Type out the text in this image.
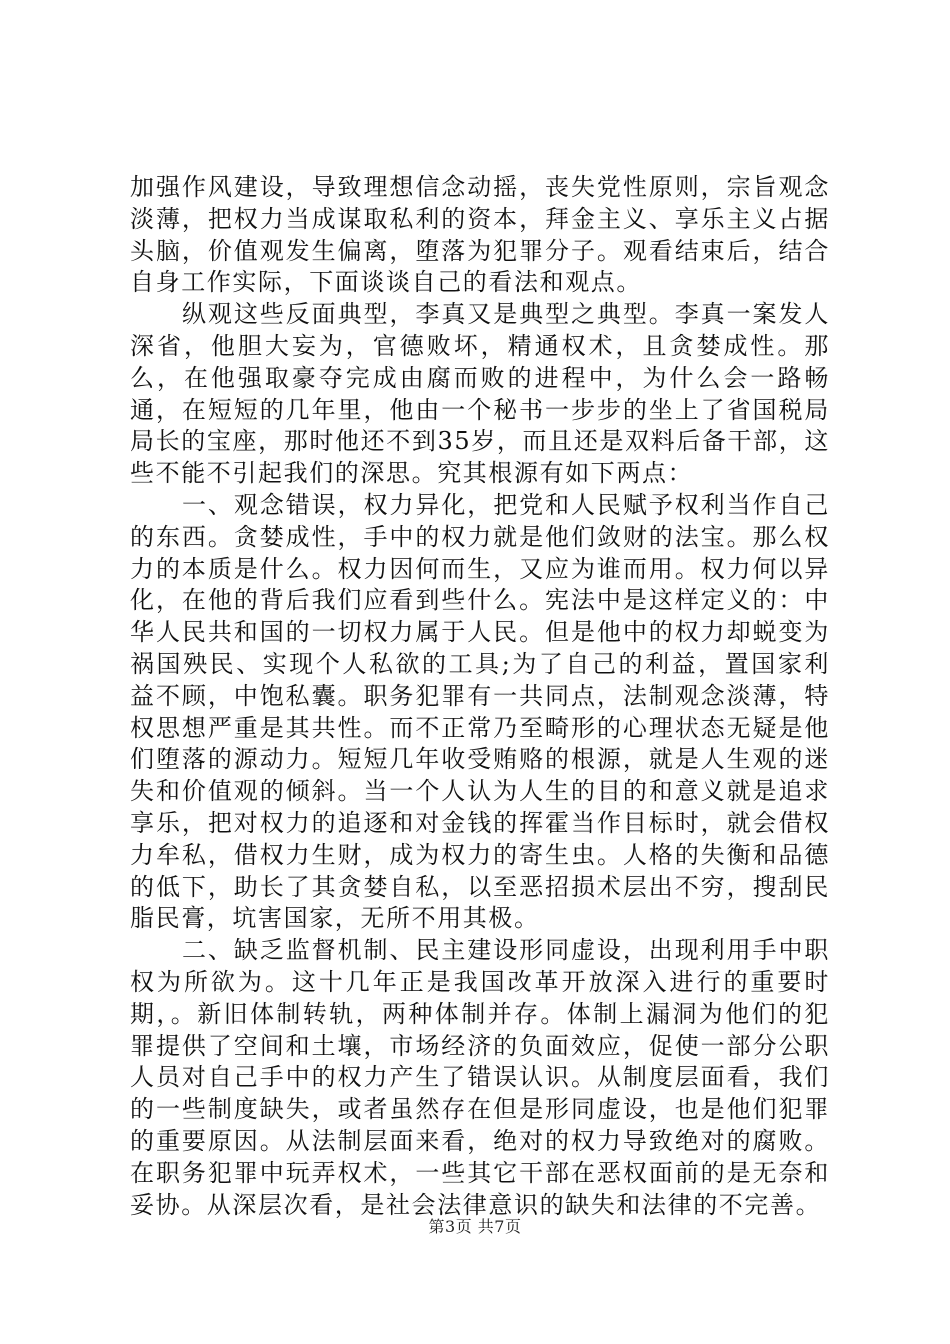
加强作风建设，导致理想信念动摇，丧失党性原则，宗旨观念淡薄，把权力当成谋取私利的资本，拜金主义、享乐主义占据头脑，价值观发生偏离，堕落为犯罪分子。观看结束后，结合自身工作实际，下面谈谈自己的看法和观点。

纵观这些反面典型，李真又是典型之典型。李真一案发人深省，他胆大妄为，官德败坏，精通权术，且贪婪成性。那么，在他强取豪夺完成由腐而败的进程中，为什么会一路畅通，在短短的几年里，他由一个秘书一步步的坐上了省国税局局长的宝座，那时他还不到35岁，而且还是双料后备干部，这些不能不引起我们的深思。究其根源有如下两点：

一、观念错误，权力异化，把党和人民赋予权利当作自己的东西。贪婪成性，手中的权力就是他们敛财的法宝。那么权力的本质是什么。权力因何而生，又应为谁而用。权力何以异化，在他的背后我们应看到些什么。宪法中是这样定义的：中华人民共和国的一切权力属于人民。但是他中的权力却蜕变为祸国殃民、实现个人私欲的工具;为了自己的利益，置国家利益不顾，中饱私囊。职务犯罪有一共同点，法制观念淡薄，特权思想严重是其共性。而不正常乃至畸形的心理状态无疑是他们堕落的源动力。短短几年收受贿赂的根源，就是人生观的迷失和价值观的倾斜。当一个人认为人生的目的和意义就是追求享乐，把对权力的追逐和对金钱的挥霍当作目标时，就会借权力牟私，借权力生财，成为权力的寄生虫。人格的失衡和品德的低下，助长了其贪婪自私，以至恶招损术层出不穷，搜刮民脂民膏，坑害国家，无所不用其极。

二、缺乏监督机制、民主建设形同虚设，出现利用手中职权为所欲为。这十几年正是我国改革开放深入进行的重要时期，。新旧体制转轨，两种体制并存。体制上漏洞为他们的犯罪提供了空间和土壤，市场经济的负面效应，促使一部分公职人员对自己手中的权力产生了错误认识。从制度层面看，我们的一些制度缺失，或者虽然存在但是形同虚设，也是他们犯罪的重要原因。从法制层面来看，绝对的权力导致绝对的腐败。在职务犯罪中玩弄权术，一些其它干部在恶权面前的是无奈和妥协。从深层次看，是社会法律意识的缺失和法律的不完善。

第3页 共7页
